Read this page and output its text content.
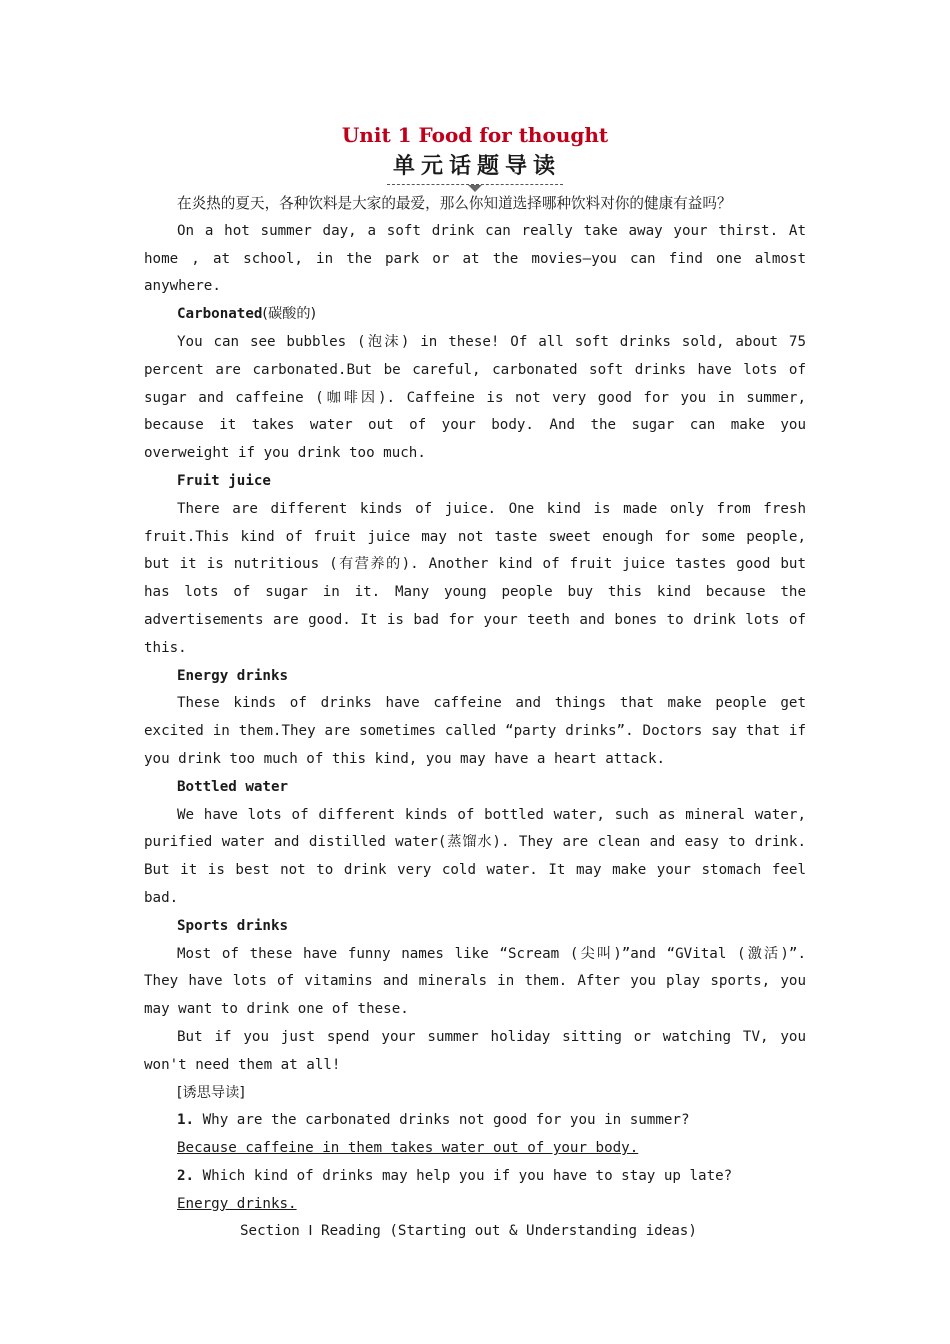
Unit 1 Food for thought
单元话题导读

在炎热的夏天，各种饮料是大家的最爱，那么你知道选择哪种饮料对你的健康有益吗？

On a hot summer day, a soft drink can really take away your thirst. At home , at school, in the park or at the movies—you can find one almost anywhere.

Carbonated(碳酸的)

You can see bubbles (泡沫) in these! Of all soft drinks sold, about 75 percent are carbonated.But be careful, carbonated soft drinks have lots of sugar and caffeine (咖啡因). Caffeine is not very good for you in summer, because it takes water out of your body. And the sugar can make you overweight if you drink too much.

Fruit juice

There are different kinds of juice. One kind is made only from fresh fruit.This kind of fruit juice may not taste sweet enough for some people, but it is nutritious (有营养的). Another kind of fruit juice tastes good but has lots of sugar in it. Many young people buy this kind because the advertisements are good. It is bad for your teeth and bones to drink lots of this.

Energy drinks

These kinds of drinks have caffeine and things that make people get excited in them.They are sometimes called “party drinks”. Doctors say that if you drink too much of this kind, you may have a heart attack.

Bottled water

We have lots of different kinds of bottled water, such as mineral water, purified water and distilled water(蒸馏水). They are clean and easy to drink. But it is best not to drink very cold water. It may make your stomach feel bad.

Sports drinks

Most of these have funny names like “Scream (尖叫)”and “GVital (激活)”. They have lots of vitamins and minerals in them. After you play sports, you may want to drink one of these.

But if you just spend your summer holiday sitting or watching TV, you won't need them at all!

[诱思导读]

1. Why are the carbonated drinks not good for you in summer?

Because caffeine in them takes water out of your body.

2. Which kind of drinks may help you if you have to stay up late?

Energy drinks.

Section Ⅰ Reading (Starting out & Understanding ideas)
